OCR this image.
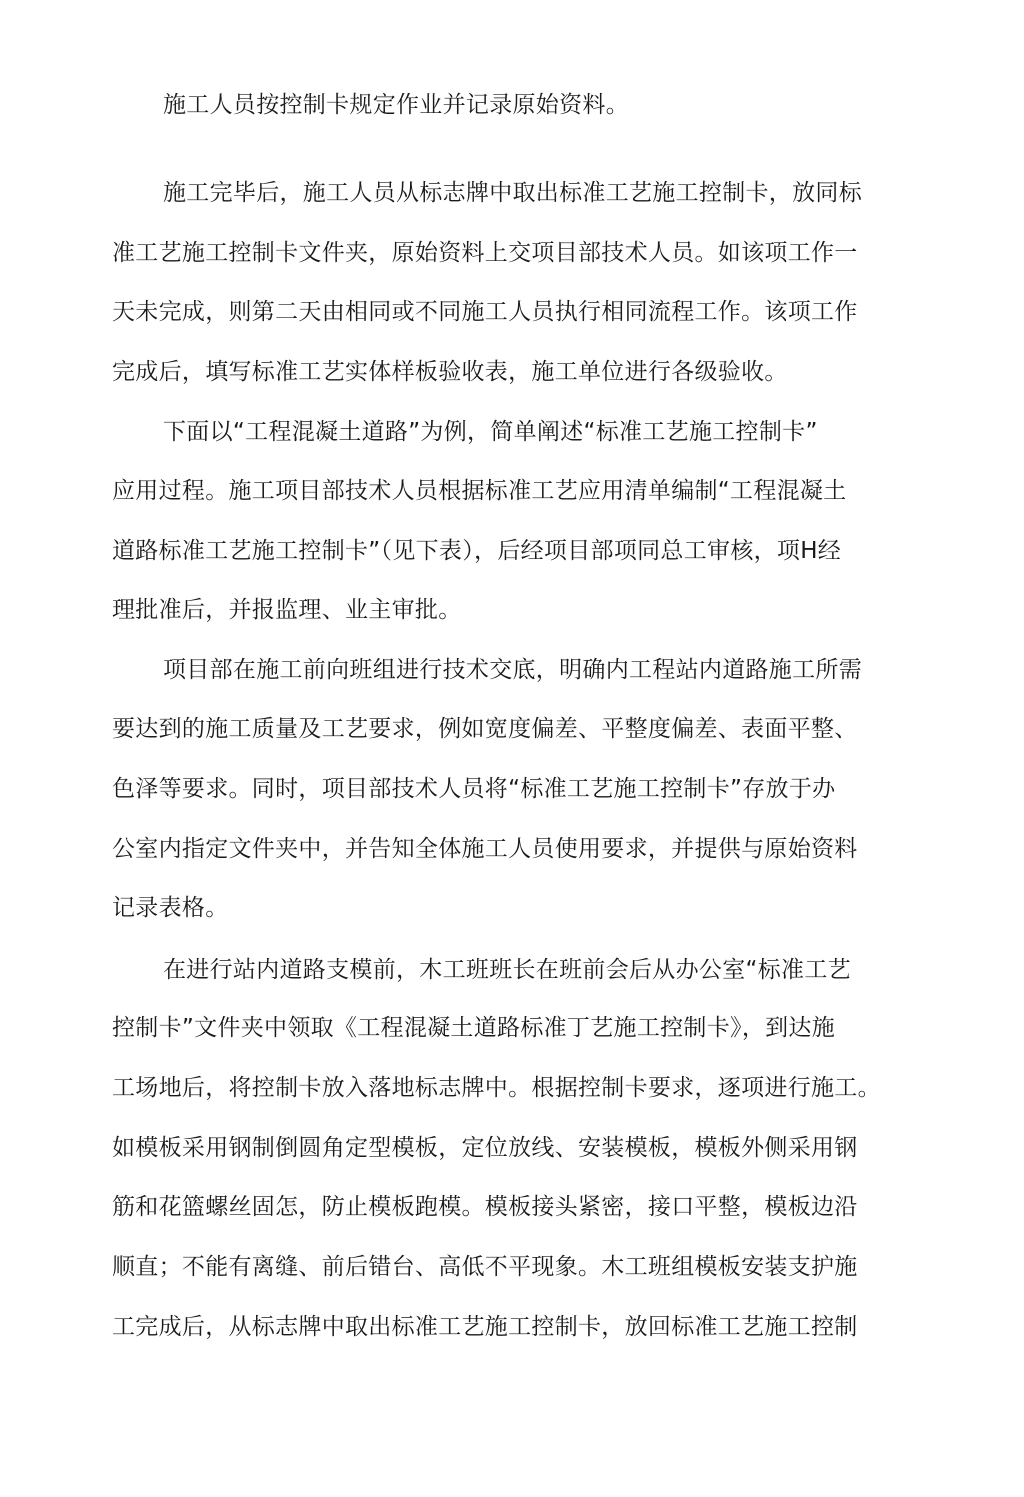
施工人员按控制卡规定作业并记录原始资料。
施工完毕后，施工人员从标志牌中取出标准工艺施工控制卡，放同标
准工艺施工控制卡文件夹，原始资料上交项目部技术人员。如该项工作一
天未完成，则第二天由相同或不同施工人员执行相同流程工作。该项工作
完成后，填写标准工艺实体样板验收表，施工单位进行各级验收。
下面以“工程混凝土道路”为例，简单阐述“标准工艺施工控制卡”
应用过程。施工项目部技术人员根据标准工艺应用清单编制“工程混凝土
道路标准工艺施工控制卡”（见下表），后经项目部项同总工审核，项H经
理批准后，并报监理、业主审批。
项目部在施工前向班组进行技术交底，明确内工程站内道路施工所需
要达到的施工质量及工艺要求，例如宽度偏差、平整度偏差、表面平整、
色泽等要求。同时，项目部技术人员将“标准工艺施工控制卡”存放于办
公室内指定文件夹中，并告知全体施工人员使用要求，并提供与原始资料
记录表格。
在进行站内道路支模前，木工班班长在班前会后从办公室“标准工艺
控制卡”文件夹中领取《工程混凝土道路标准丁艺施工控制卡》，到达施
工场地后，将控制卡放入落地标志牌中。根据控制卡要求，逐项进行施工。
如模板采用钢制倒圆角定型模板，定位放线、安装模板，模板外侧采用钢
筋和花篮螺丝固怎，防止模板跑模。模板接头紧密，接口平整，模板边沿
顺直；不能有离缝、前后错台、高低不平现象。木工班组模板安装支护施
工完成后，从标志牌中取出标准工艺施工控制卡，放回标准工艺施工控制
